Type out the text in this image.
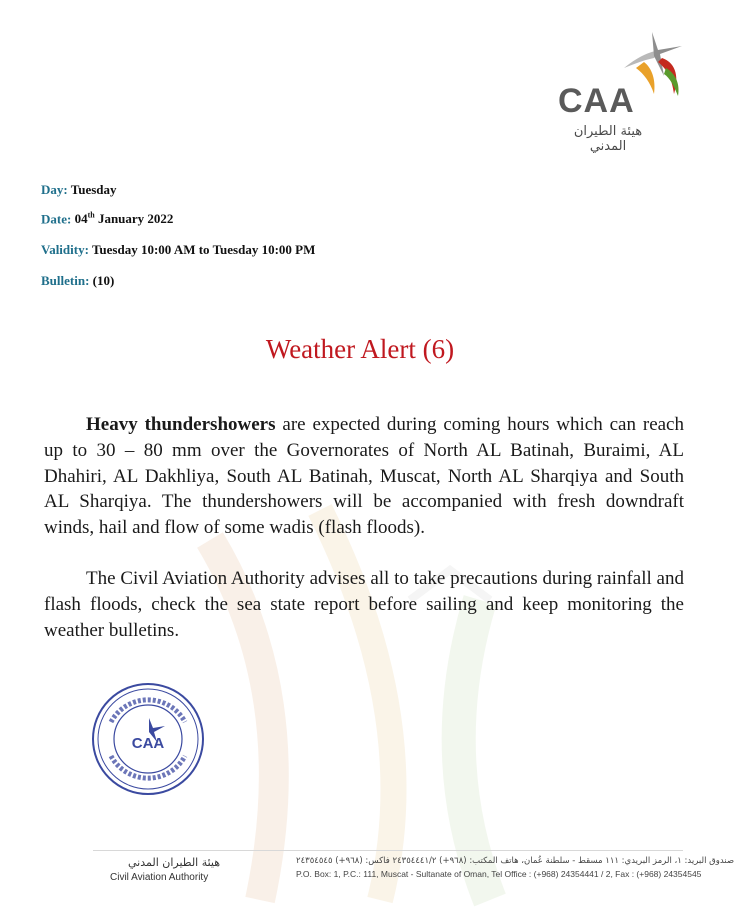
CAA
هيئة الطيران المدني
Day: Tuesday
Date: 04th January 2022
Validity: Tuesday 10:00 AM to Tuesday 10:00 PM
Bulletin: (10)
Weather Alert (6)
Heavy thundershowers are expected during coming hours which can reach up to 30 – 80 mm over the Governorates of North AL Batinah, Buraimi, AL Dhahiri, AL Dakhliya, South AL Batinah, Muscat, North AL Sharqiya and South AL Sharqiya. The thundershowers will be accompanied with fresh downdraft winds, hail and flow of some wadis (flash floods).
The Civil Aviation Authority advises all to take precautions during rainfall and flash floods, check the sea state report before sailing and keep monitoring the weather bulletins.
CAA
هيئة الطيران المدني
Civil Aviation Authority
صندوق البريد: ١، الرمز البريدي: ١١١ مسقط - سلطنة عُمان، هاتف المكتب: (٩٦٨+) ٢٤٣٥٤٤٤١/٢ فاكس: (٩٦٨+) ٢٤٣٥٤٥٤٥
P.O. Box: 1, P.C.: 111, Muscat - Sultanate of Oman, Tel Office : (+968) 24354441 / 2, Fax : (+968) 24354545
